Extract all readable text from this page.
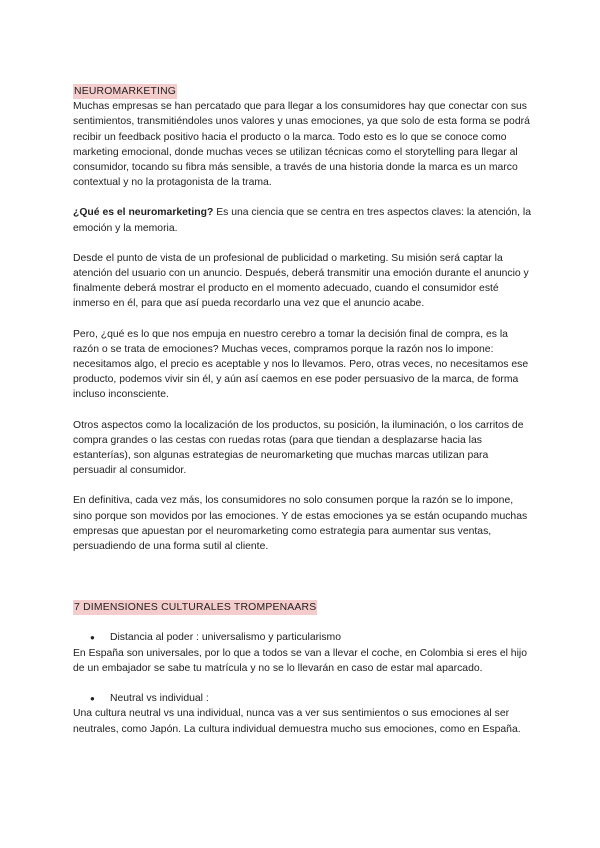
NEUROMARKETING

Muchas empresas se han percatado que para llegar a los consumidores hay que conectar con sus sentimientos, transmitiéndoles unos valores y unas emociones, ya que solo de esta forma se podrá recibir un feedback positivo hacia el producto o la marca. Todo esto es lo que se conoce como marketing emocional, donde muchas veces se utilizan técnicas como el storytelling para llegar al consumidor, tocando su fibra más sensible, a través de una historia donde la marca es un marco contextual y no la protagonista de la trama.

¿Qué es el neuromarketing? Es una ciencia que se centra en tres aspectos claves: la atención, la emoción y la memoria.

Desde el punto de vista de un profesional de publicidad o marketing. Su misión será captar la atención del usuario con un anuncio. Después, deberá transmitir una emoción durante el anuncio y finalmente deberá mostrar el producto en el momento adecuado, cuando el consumidor esté inmerso en él, para que así pueda recordarlo una vez que el anuncio acabe.

Pero, ¿qué es lo que nos empuja en nuestro cerebro a tomar la decisión final de compra, es la razón o se trata de emociones? Muchas veces, compramos porque la razón nos lo impone: necesitamos algo, el precio es aceptable y nos lo llevamos. Pero, otras veces, no necesitamos ese producto, podemos vivir sin él, y aún así caemos en ese poder persuasivo de la marca, de forma incluso inconsciente.

Otros aspectos como la localización de los productos, su posición, la iluminación, o los carritos de compra grandes o las cestas con ruedas rotas (para que tiendan a desplazarse hacia las estanterías), son algunas estrategias de neuromarketing que muchas marcas utilizan para persuadir al consumidor.

En definitiva, cada vez más, los consumidores no solo consumen porque la razón se lo impone, sino porque son movidos por las emociones. Y de estas emociones ya se están ocupando muchas empresas que apuestan por el neuromarketing como estrategia para aumentar sus ventas, persuadiendo de una forma sutil al cliente.

7 DIMENSIONES CULTURALES TROMPENAARS
● Distancia al poder : universalismo y particularismo

En España son universales, por lo que a todos se van a llevar el coche, en Colombia si eres el hijo de un embajador se sabe tu matrícula y no se lo llevarán en caso de estar mal aparcado.

● Neutral vs individual :

Una cultura neutral vs una individual, nunca vas a ver sus sentimientos o sus emociones al ser neutrales, como Japón. La cultura individual demuestra mucho sus emociones, como en España.
